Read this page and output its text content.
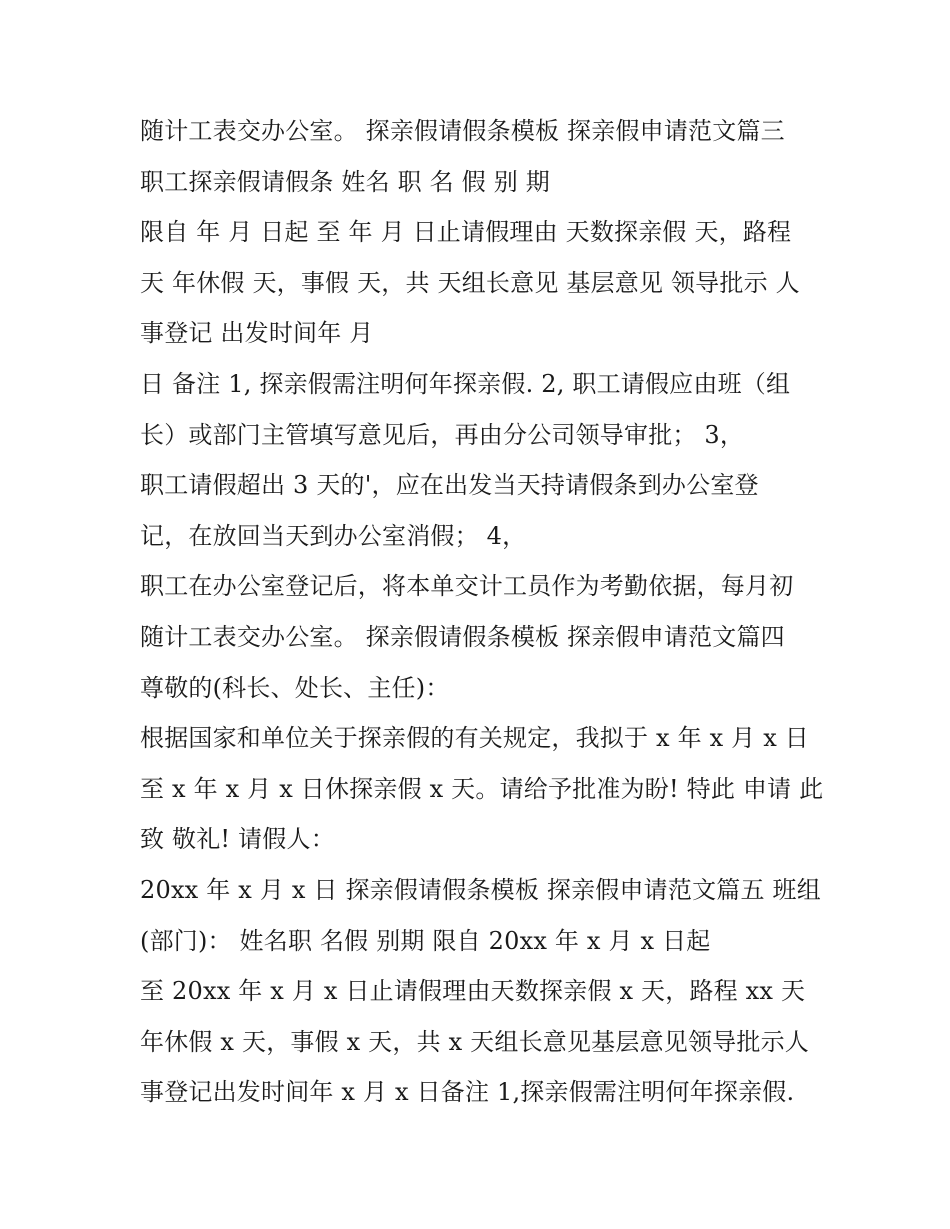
随计工表交办公室。 探亲假请假条模板 探亲假申请范文篇三
职工探亲假请假条 姓名 职 名 假 别 期
限自 年 月 日起 至 年 月 日止请假理由 天数探亲假 天，路程
天 年休假 天，事假 天，共 天组长意见 基层意见 领导批示 人
事登记 出发时间年 月
日 备注 1, 探亲假需注明何年探亲假. 2, 职工请假应由班（组
长）或部门主管填写意见后，再由分公司领导审批； 3，
职工请假超出 3 天的'，应在出发当天持请假条到办公室登
记，在放回当天到办公室消假； 4，
职工在办公室登记后，将本单交计工员作为考勤依据，每月初
随计工表交办公室。 探亲假请假条模板 探亲假申请范文篇四
尊敬的(科长、处长、主任)：
根据国家和单位关于探亲假的有关规定，我拟于 x 年 x 月 x 日
至 x 年 x 月 x 日休探亲假 x 天。请给予批准为盼! 特此 申请 此
致 敬礼! 请假人：
20xx 年 x 月 x 日 探亲假请假条模板 探亲假申请范文篇五 班组
(部门)： 姓名职 名假 别期 限自 20xx 年 x 月 x 日起
至 20xx 年 x 月 x 日止请假理由天数探亲假 x 天，路程 xx 天
年休假 x 天，事假 x 天，共 x 天组长意见基层意见领导批示人
事登记出发时间年 x 月 x 日备注 1,探亲假需注明何年探亲假.
